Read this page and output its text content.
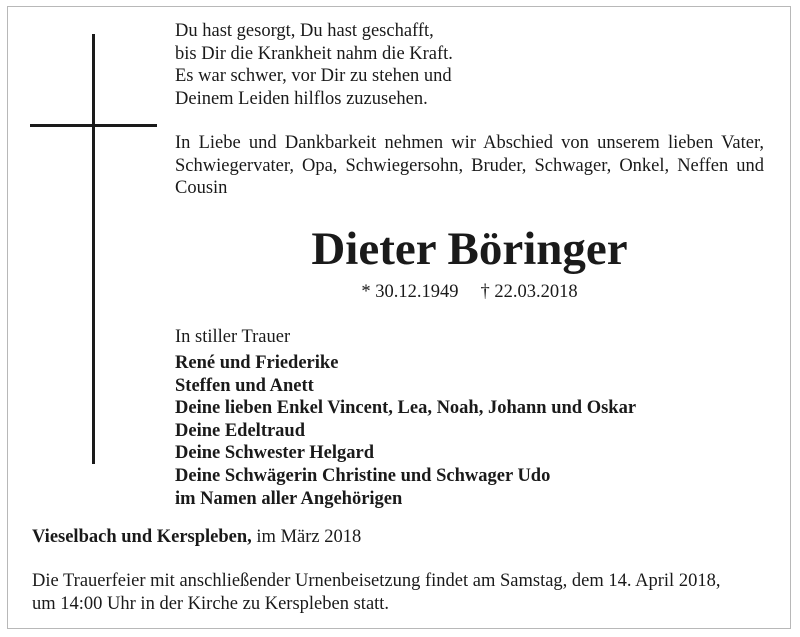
Du hast gesorgt, Du hast geschafft,
bis Dir die Krankheit nahm die Kraft.
Es war schwer, vor Dir zu stehen und
Deinem Leiden hilflos zuzusehen.
In Liebe und Dankbarkeit nehmen wir Abschied von unserem lieben Vater, Schwiegervater, Opa, Schwiegersohn, Bruder, Schwager, Onkel, Neffen und Cousin
Dieter Böringer
* 30.12.1949 † 22.03.2018
In stiller Trauer
René und Friederike
Steffen und Anett
Deine lieben Enkel Vincent, Lea, Noah, Johann und Oskar
Deine Edeltraud
Deine Schwester Helgard
Deine Schwägerin Christine und Schwager Udo
im Namen aller Angehörigen
Vieselbach und Kerspleben, im März 2018
Die Trauerfeier mit anschließender Urnenbeisetzung findet am Samstag, dem 14. April 2018,
um 14:00 Uhr in der Kirche zu Kerspleben statt.
